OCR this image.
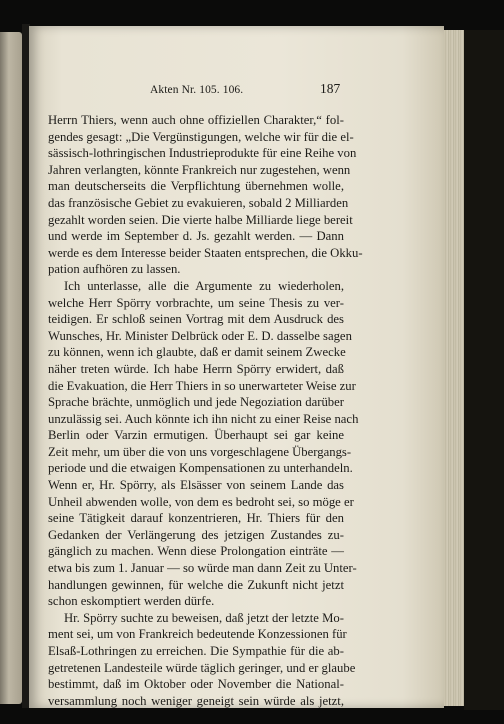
Akten Nr. 105. 106.	187
Herrn Thiers, wenn auch ohne offiziellen Charakter,“ fol-
gendes gesagt: „Die Vergünstigungen, welche wir für die el-
sässisch-lothringischen Industrieprodukte für eine Reihe von
Jahren verlangten, könnte Frankreich nur zugestehen, wenn
man deutscherseits die Verpflichtung übernehmen wolle,
das französische Gebiet zu evakuieren, sobald 2 Milliarden
gezahlt worden seien. Die vierte halbe Milliarde liege bereit
und werde im September d. Js. gezahlt werden. — Dann
werde es dem Interesse beider Staaten entsprechen, die Okku-
pation aufhören zu lassen.
Ich unterlasse, alle die Argumente zu wiederholen,
welche Herr Spörry vorbrachte, um seine Thesis zu ver-
teidigen. Er schloß seinen Vortrag mit dem Ausdruck des
Wunsches, Hr. Minister Delbrück oder E. D. dasselbe sagen
zu können, wenn ich glaubte, daß er damit seinem Zwecke
näher treten würde. Ich habe Herrn Spörry erwidert, daß
die Evakuation, die Herr Thiers in so unerwarteter Weise zur
Sprache brächte, unmöglich und jede Negoziation darüber
unzulässig sei. Auch könnte ich ihn nicht zu einer Reise nach
Berlin oder Varzin ermutigen. Überhaupt sei gar keine
Zeit mehr, um über die von uns vorgeschlagene Übergangs-
periode und die etwaigen Kompensationen zu unterhandeln.
Wenn er, Hr. Spörry, als Elsässer von seinem Lande das
Unheil abwenden wolle, von dem es bedroht sei, so möge er
seine Tätigkeit darauf konzentrieren, Hr. Thiers für den
Gedanken der Verlängerung des jetzigen Zustandes zu-
gänglich zu machen. Wenn diese Prolongation einträte —
etwa bis zum 1. Januar — so würde man dann Zeit zu Unter-
handlungen gewinnen, für welche die Zukunft nicht jetzt
schon eskomptiert werden dürfe.
Hr. Spörry suchte zu beweisen, daß jetzt der letzte Mo-
ment sei, um von Frankreich bedeutende Konzessionen für
Elsaß-Lothringen zu erreichen. Die Sympathie für die ab-
getretenen Landesteile würde täglich geringer, und er glaube
bestimmt, daß im Oktober oder November die National-
versammlung noch weniger geneigt sein würde als jetzt,
